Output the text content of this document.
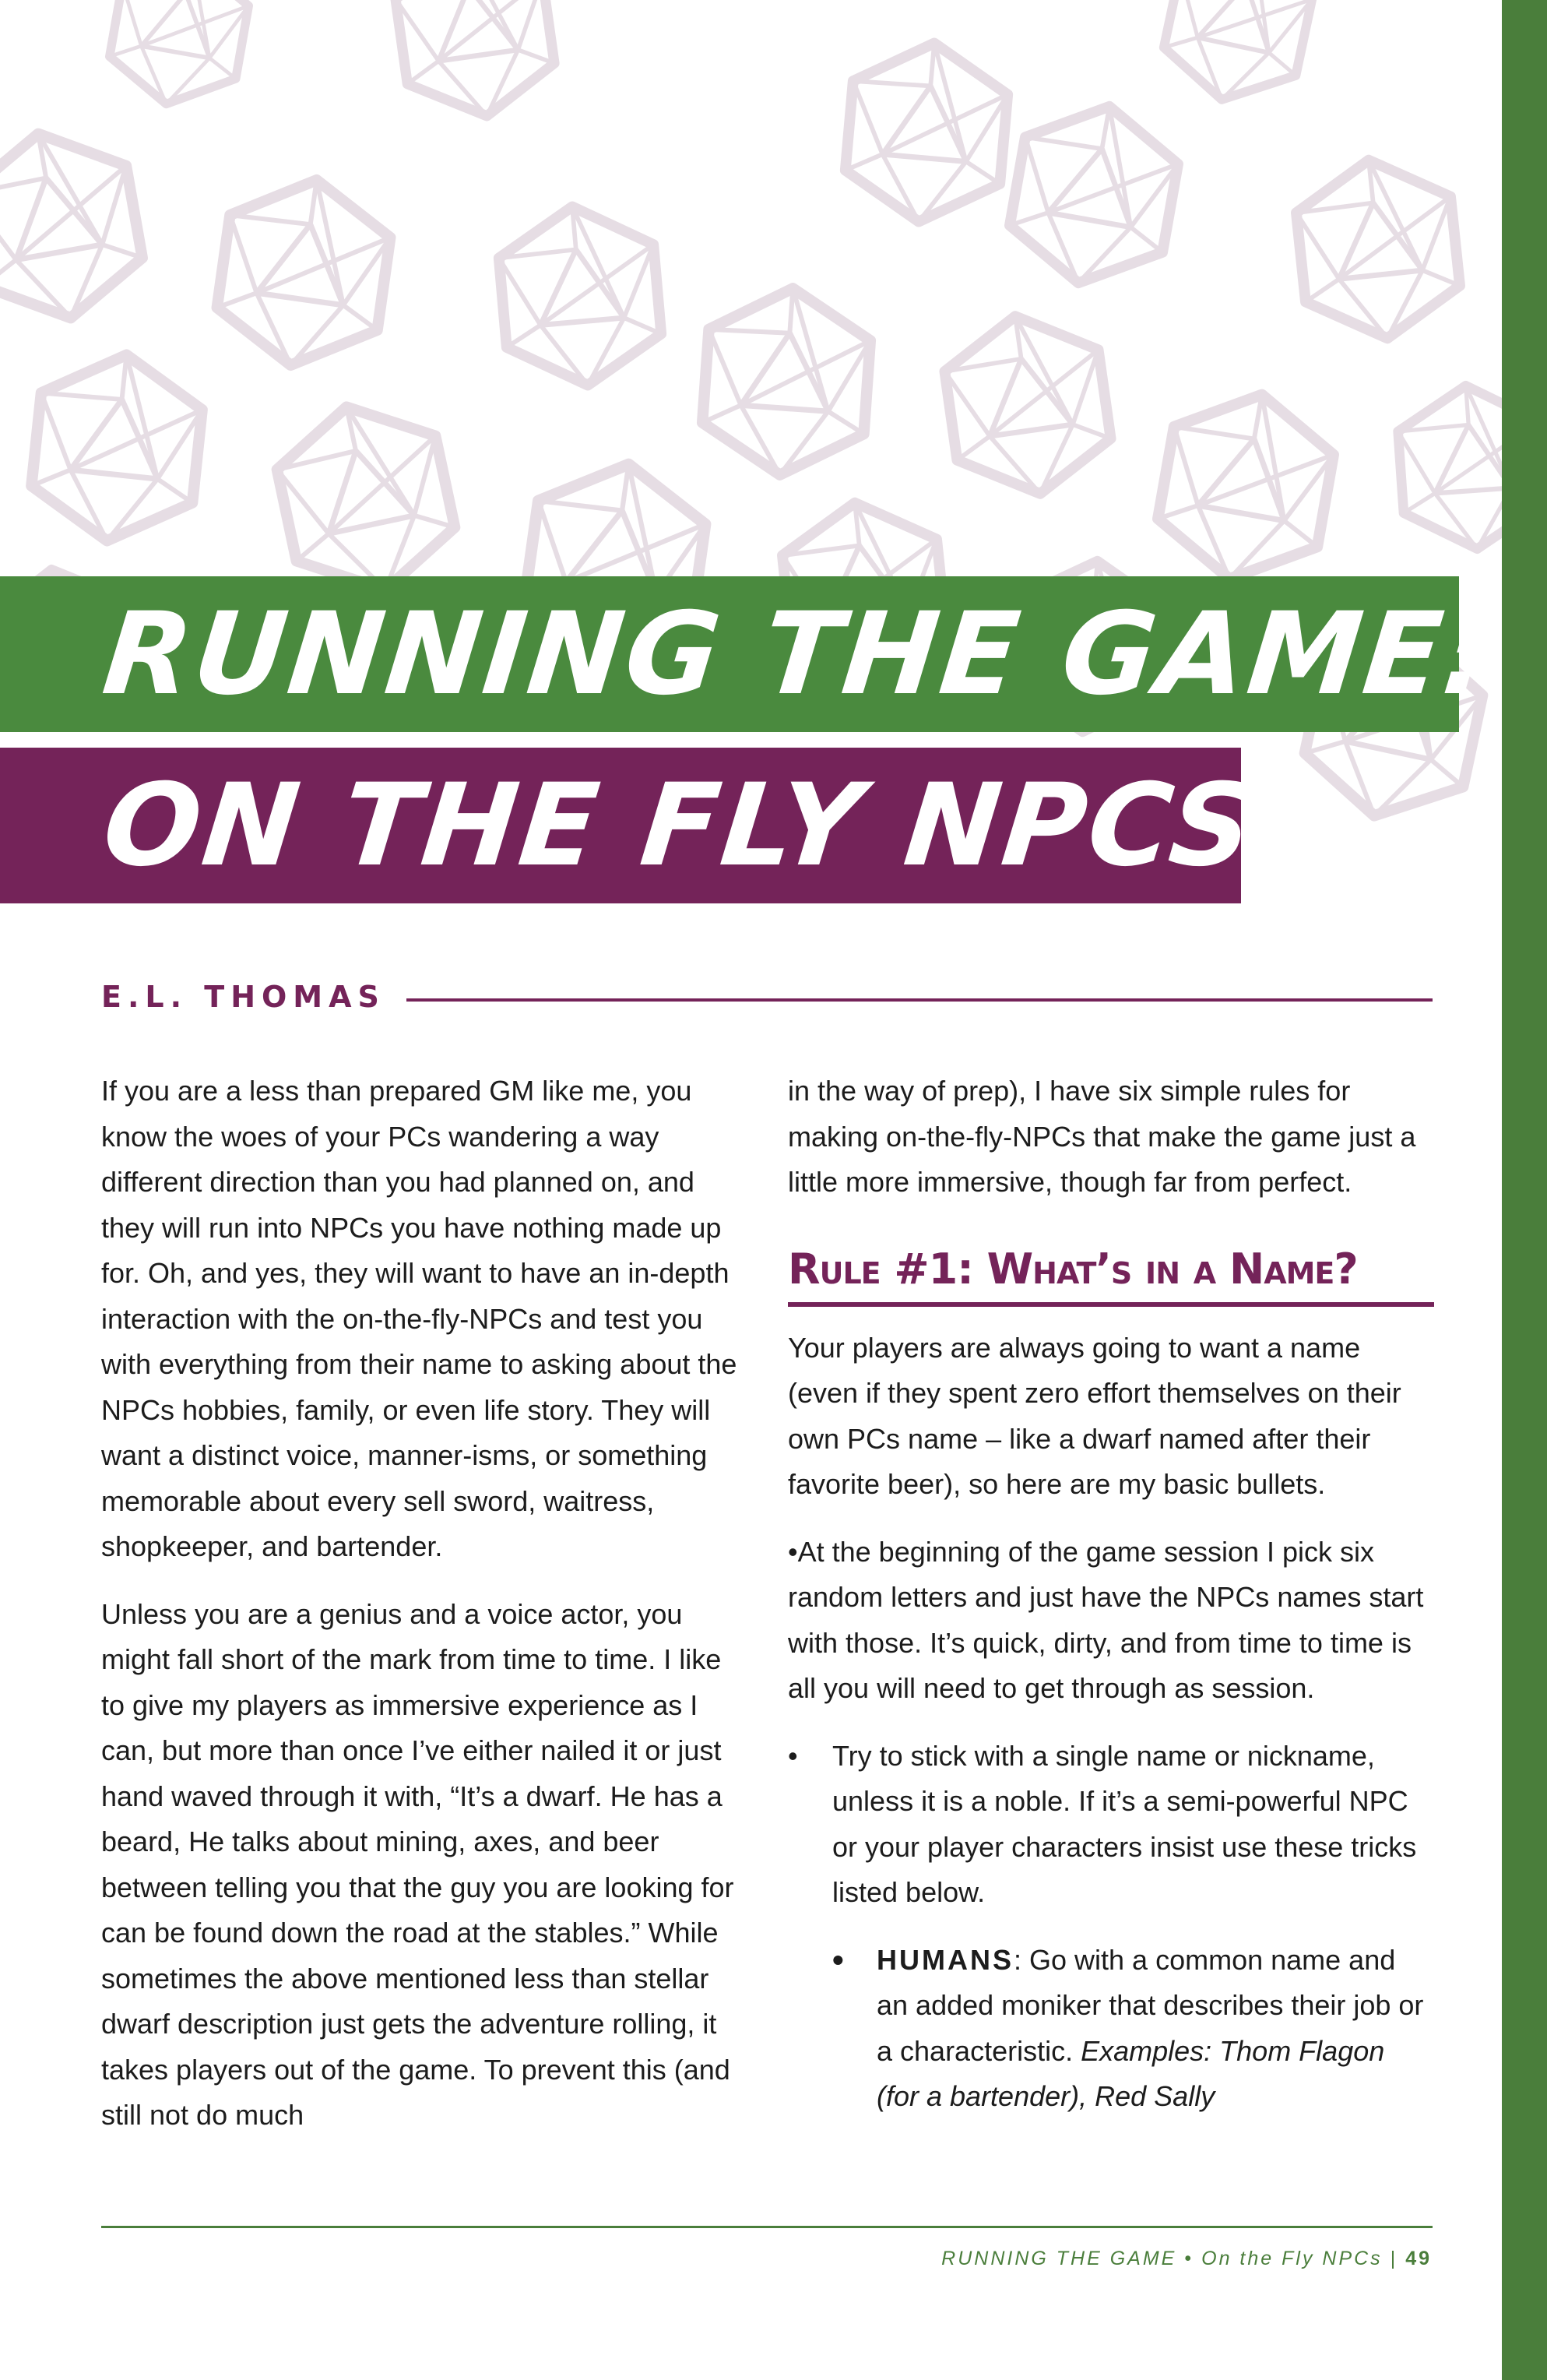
RUNNING THE GAME:
ON THE FLY NPCS
E.L. THOMAS

If you are a less than prepared GM like me, you know the woes of your PCs wandering a way different direction than you had planned on, and they will run into NPCs you have nothing made up for. Oh, and yes, they will want to have an in-depth interaction with the on-the-fly-NPCs and test you with everything from their name to asking about the NPCs hobbies, family, or even life story. They will want a distinct voice, manner-isms, or something memorable about every sell sword, waitress, shopkeeper, and bartender.

Unless you are a genius and a voice actor, you might fall short of the mark from time to time. I like to give my players as immersive experience as I can, but more than once I’ve either nailed it or just hand waved through it with, “It’s a dwarf. He has a beard, He talks about mining, axes, and beer between telling you that the guy you are looking for can be found down the road at the stables.” While sometimes the above mentioned less than stellar dwarf description just gets the adventure rolling, it takes players out of the game. To prevent this (and still not do much

in the way of prep), I have six simple rules for making on-the-fly-NPCs that make the game just a little more immersive, though far from perfect.

Rule #1: What’s in a Name?

Your players are always going to want a name (even if they spent zero effort themselves on their own PCs name – like a dwarf named after their favorite beer), so here are my basic bullets.

•At the beginning of the game session I pick six random letters and just have the NPCs names start with those. It’s quick, dirty, and from time to time is all you will need to get through as session.

• Try to stick with a single name or nickname, unless it is a noble. If it’s a semi-powerful NPC or your player characters insist use these tricks listed below.
• HUMANS: Go with a common name and an added moniker that describes their job or a characteristic. Examples: Thom Flagon (for a bartender), Red Sally
RUNNING THE GAME • On the Fly NPCs | 49
